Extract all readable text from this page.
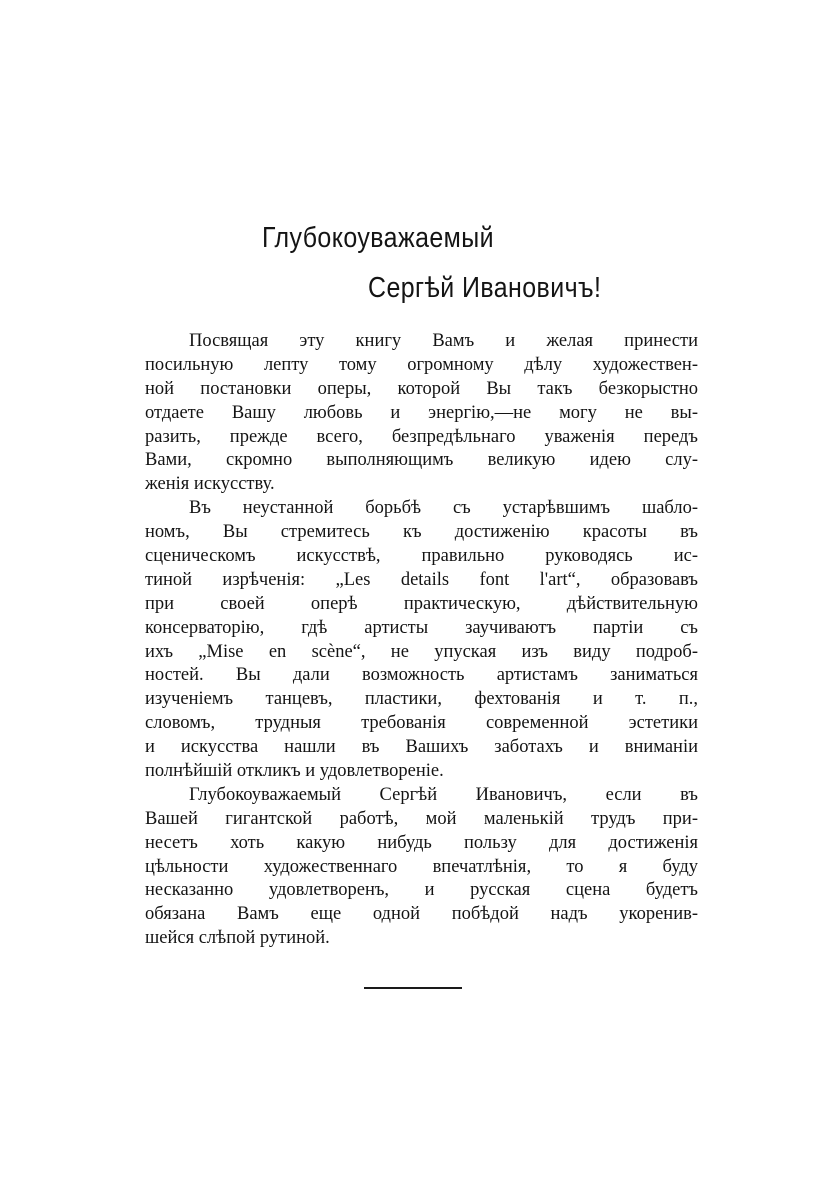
Глубокоуважаемый
Сергѣй Ивановичъ!
Посвящая эту книгу Вамъ и желая принести
посильную лепту тому огромному дѣлу художествен-
ной постановки оперы, которой Вы такъ безкорыстно
отдаете Вашу любовь и энергію,—не могу не вы-
разить, прежде всего, безпредѣльнаго уваженія передъ
Вами, скромно выполняющимъ великую идею слу-
женія искусству.
Въ неустанной борьбѣ съ устарѣвшимъ шабло-
номъ, Вы стремитесь къ достиженію красоты въ
сценическомъ искусствѣ, правильно руководясь ис-
тиной изрѣченія: „Les details font l'art“, образовавъ
при своей оперѣ практическую, дѣйствительную
консерваторію, гдѣ артисты заучиваютъ партіи съ
ихъ „Mise en scène“, не упуская изъ виду подроб-
ностей. Вы дали возможность артистамъ заниматься
изученіемъ танцевъ, пластики, фехтованія и т. п.,
словомъ, трудныя требованія современной эстетики
и искусства нашли въ Вашихъ заботахъ и вниманіи
полнѣйшій откликъ и удовлетвореніе.
Глубокоуважаемый Сергѣй Ивановичъ, если въ
Вашей гигантской работѣ, мой маленькій трудъ при-
несетъ хоть какую нибудь пользу для достиженія
цѣльности художественнаго впечатлѣнія, то я буду
несказанно удовлетворенъ, и русская сцена будетъ
обязана Вамъ еще одной побѣдой надъ укоренив-
шейся слѣпой рутиной.
